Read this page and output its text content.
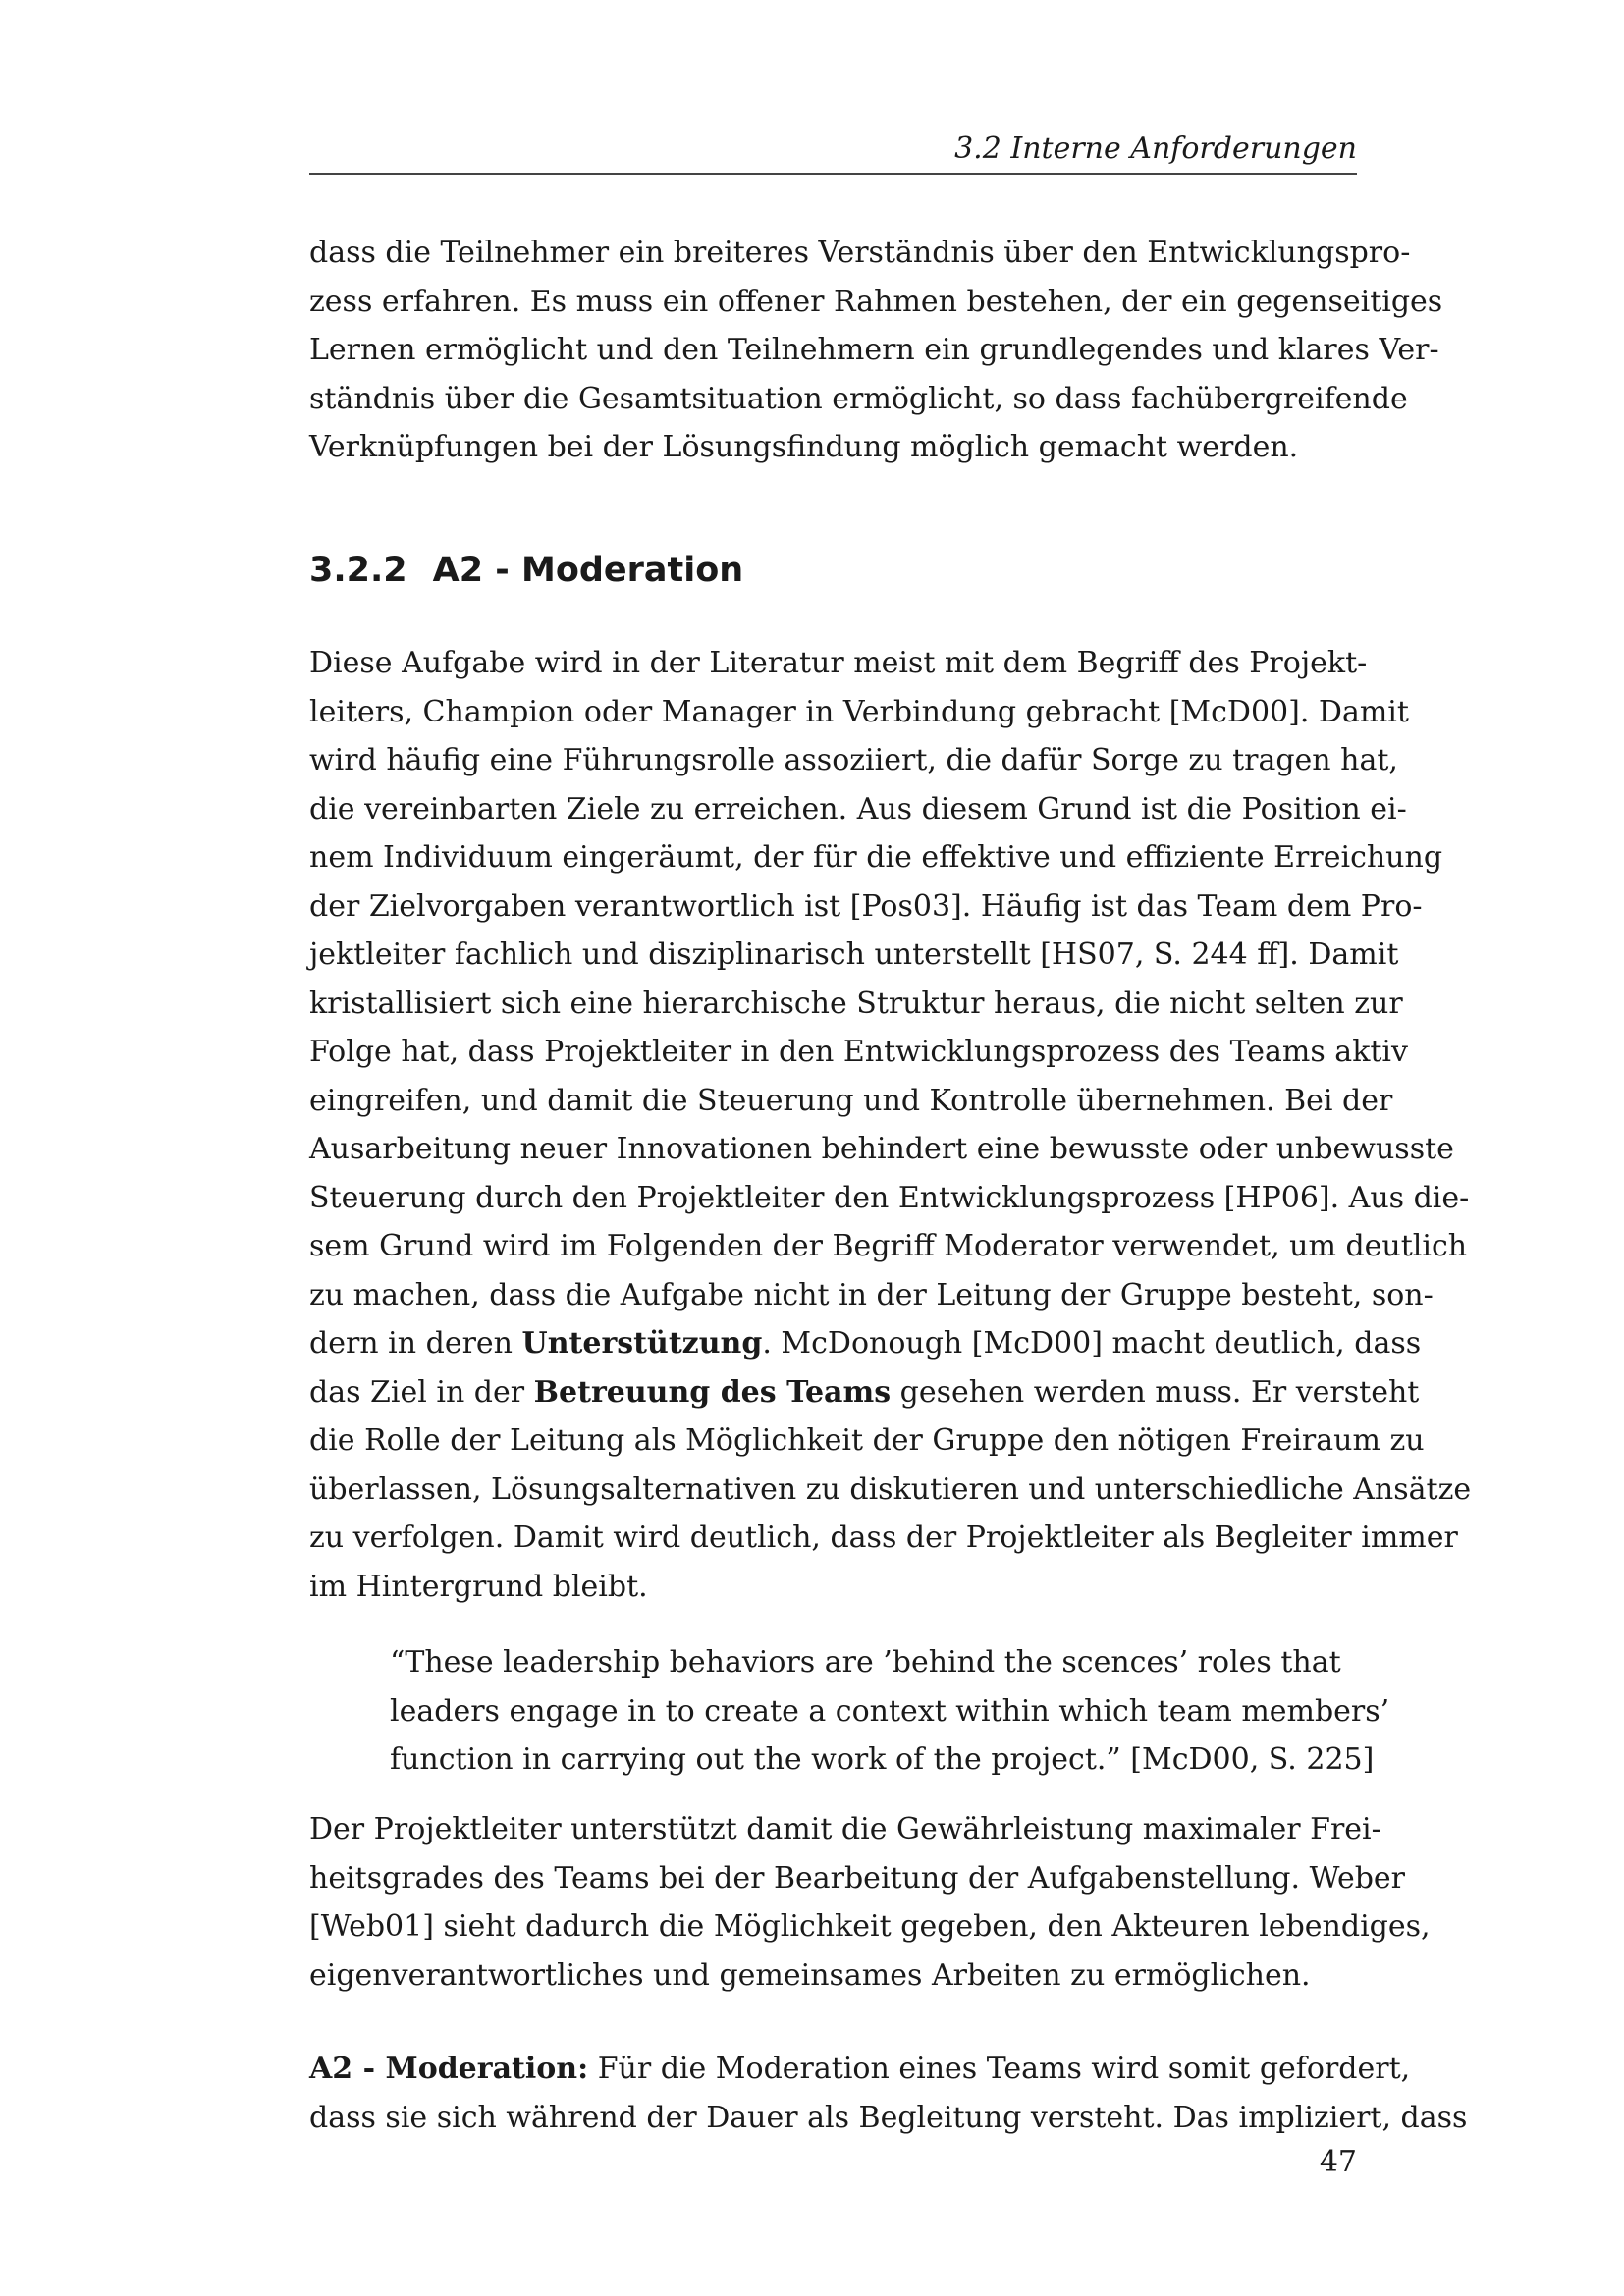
3.2 Interne Anforderungen
dass die Teilnehmer ein breiteres Verständnis über den Entwicklungspro-
zess erfahren. Es muss ein offener Rahmen bestehen, der ein gegenseitiges
Lernen ermöglicht und den Teilnehmern ein grundlegendes und klares Ver-
ständnis über die Gesamtsituation ermöglicht, so dass fachübergreifende
Verknüpfungen bei der Lösungsfindung möglich gemacht werden.
3.2.2 A2 - Moderation
Diese Aufgabe wird in der Literatur meist mit dem Begriff des Projekt-
leiters, Champion oder Manager in Verbindung gebracht [McD00]. Damit
wird häufig eine Führungsrolle assoziiert, die dafür Sorge zu tragen hat,
die vereinbarten Ziele zu erreichen. Aus diesem Grund ist die Position ei-
nem Individuum eingeräumt, der für die effektive und effiziente Erreichung
der Zielvorgaben verantwortlich ist [Pos03]. Häufig ist das Team dem Pro-
jektleiter fachlich und disziplinarisch unterstellt [HS07, S. 244 ff]. Damit
kristallisiert sich eine hierarchische Struktur heraus, die nicht selten zur
Folge hat, dass Projektleiter in den Entwicklungsprozess des Teams aktiv
eingreifen, und damit die Steuerung und Kontrolle übernehmen. Bei der
Ausarbeitung neuer Innovationen behindert eine bewusste oder unbewusste
Steuerung durch den Projektleiter den Entwicklungsprozess [HP06]. Aus die-
sem Grund wird im Folgenden der Begriff Moderator verwendet, um deutlich
zu machen, dass die Aufgabe nicht in der Leitung der Gruppe besteht, son-
dern in deren Unterstützung. McDonough [McD00] macht deutlich, dass
das Ziel in der Betreuung des Teams gesehen werden muss. Er versteht
die Rolle der Leitung als Möglichkeit der Gruppe den nötigen Freiraum zu
überlassen, Lösungsalternativen zu diskutieren und unterschiedliche Ansätze
zu verfolgen. Damit wird deutlich, dass der Projektleiter als Begleiter immer
im Hintergrund bleibt.
“These leadership behaviors are ’behind the scences’ roles that
leaders engage in to create a context within which team members’
function in carrying out the work of the project.” [McD00, S. 225]
Der Projektleiter unterstützt damit die Gewährleistung maximaler Frei-
heitsgrades des Teams bei der Bearbeitung der Aufgabenstellung. Weber
[Web01] sieht dadurch die Möglichkeit gegeben, den Akteuren lebendiges,
eigenverantwortliches und gemeinsames Arbeiten zu ermöglichen.
A2 - Moderation: Für die Moderation eines Teams wird somit gefordert,
dass sie sich während der Dauer als Begleitung versteht. Das impliziert, dass
47
